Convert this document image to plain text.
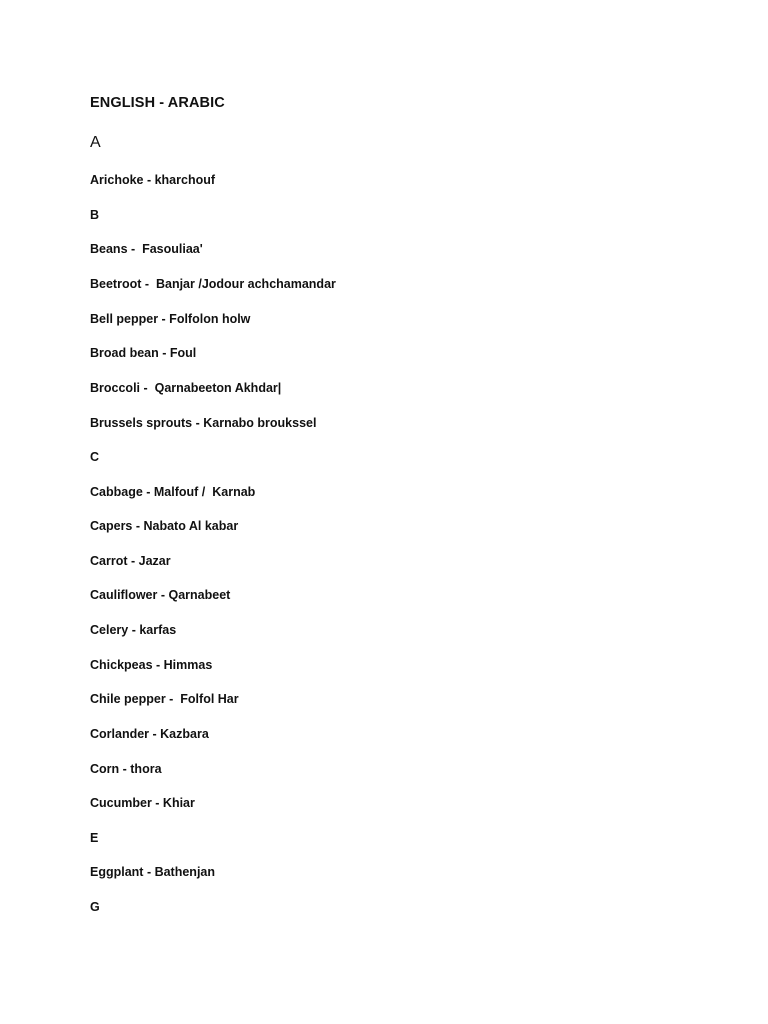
ENGLISH - ARABIC
A
Arichoke - kharchouf
B
Beans -  Fasouliaa'
Beetroot -  Banjar /Jodour achchamandar
Bell pepper - Folfolon holw
Broad bean - Foul
Broccoli -  Qarnabeeton Akhdar|
Brussels sprouts - Karnabo broukssel
C
Cabbage - Malfouf /  Karnab
Capers - Nabato Al kabar
Carrot - Jazar
Cauliflower - Qarnabeet
Celery - karfas
Chickpeas - Himmas
Chile pepper -  Folfol Har
Corlander - Kazbara
Corn - thora
Cucumber - Khiar
E
Eggplant - Bathenjan
G
